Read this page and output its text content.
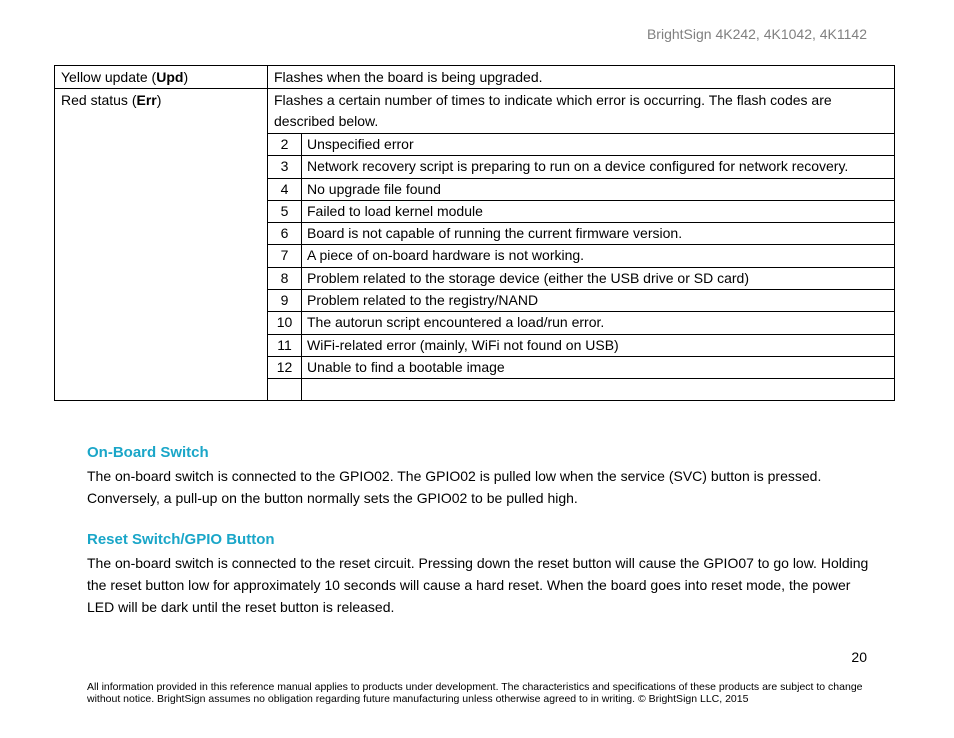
BrightSign 4K242, 4K1042, 4K1142
Yellow update (Upd)	Flashes when the board is being upgraded.
Red status (Err)	Flashes a certain number of times to indicate which error is occurring. The flash codes are described below.
2	Unspecified error
3	Network recovery script is preparing to run on a device configured for network recovery.
4	No upgrade file found
5	Failed to load kernel module
6	Board is not capable of running the current firmware version.
7	A piece of on-board hardware is not working.
8	Problem related to the storage device (either the USB drive or SD card)
9	Problem related to the registry/NAND
10	The autorun script encountered a load/run error.
11	WiFi-related error (mainly, WiFi not found on USB)
12	Unable to find a bootable image

On-Board Switch
The on-board switch is connected to the GPIO02. The GPIO02 is pulled low when the service (SVC) button is pressed. Conversely, a pull-up on the button normally sets the GPIO02 to be pulled high.
Reset Switch/GPIO Button
The on-board switch is connected to the reset circuit. Pressing down the reset button will cause the GPIO07 to go low. Holding the reset button low for approximately 10 seconds will cause a hard reset. When the board goes into reset mode, the power LED will be dark until the reset button is released.
20
All information provided in this reference manual applies to products under development. The characteristics and specifications of these products are subject to change without notice. BrightSign assumes no obligation regarding future manufacturing unless otherwise agreed to in writing. © BrightSign LLC, 2015
